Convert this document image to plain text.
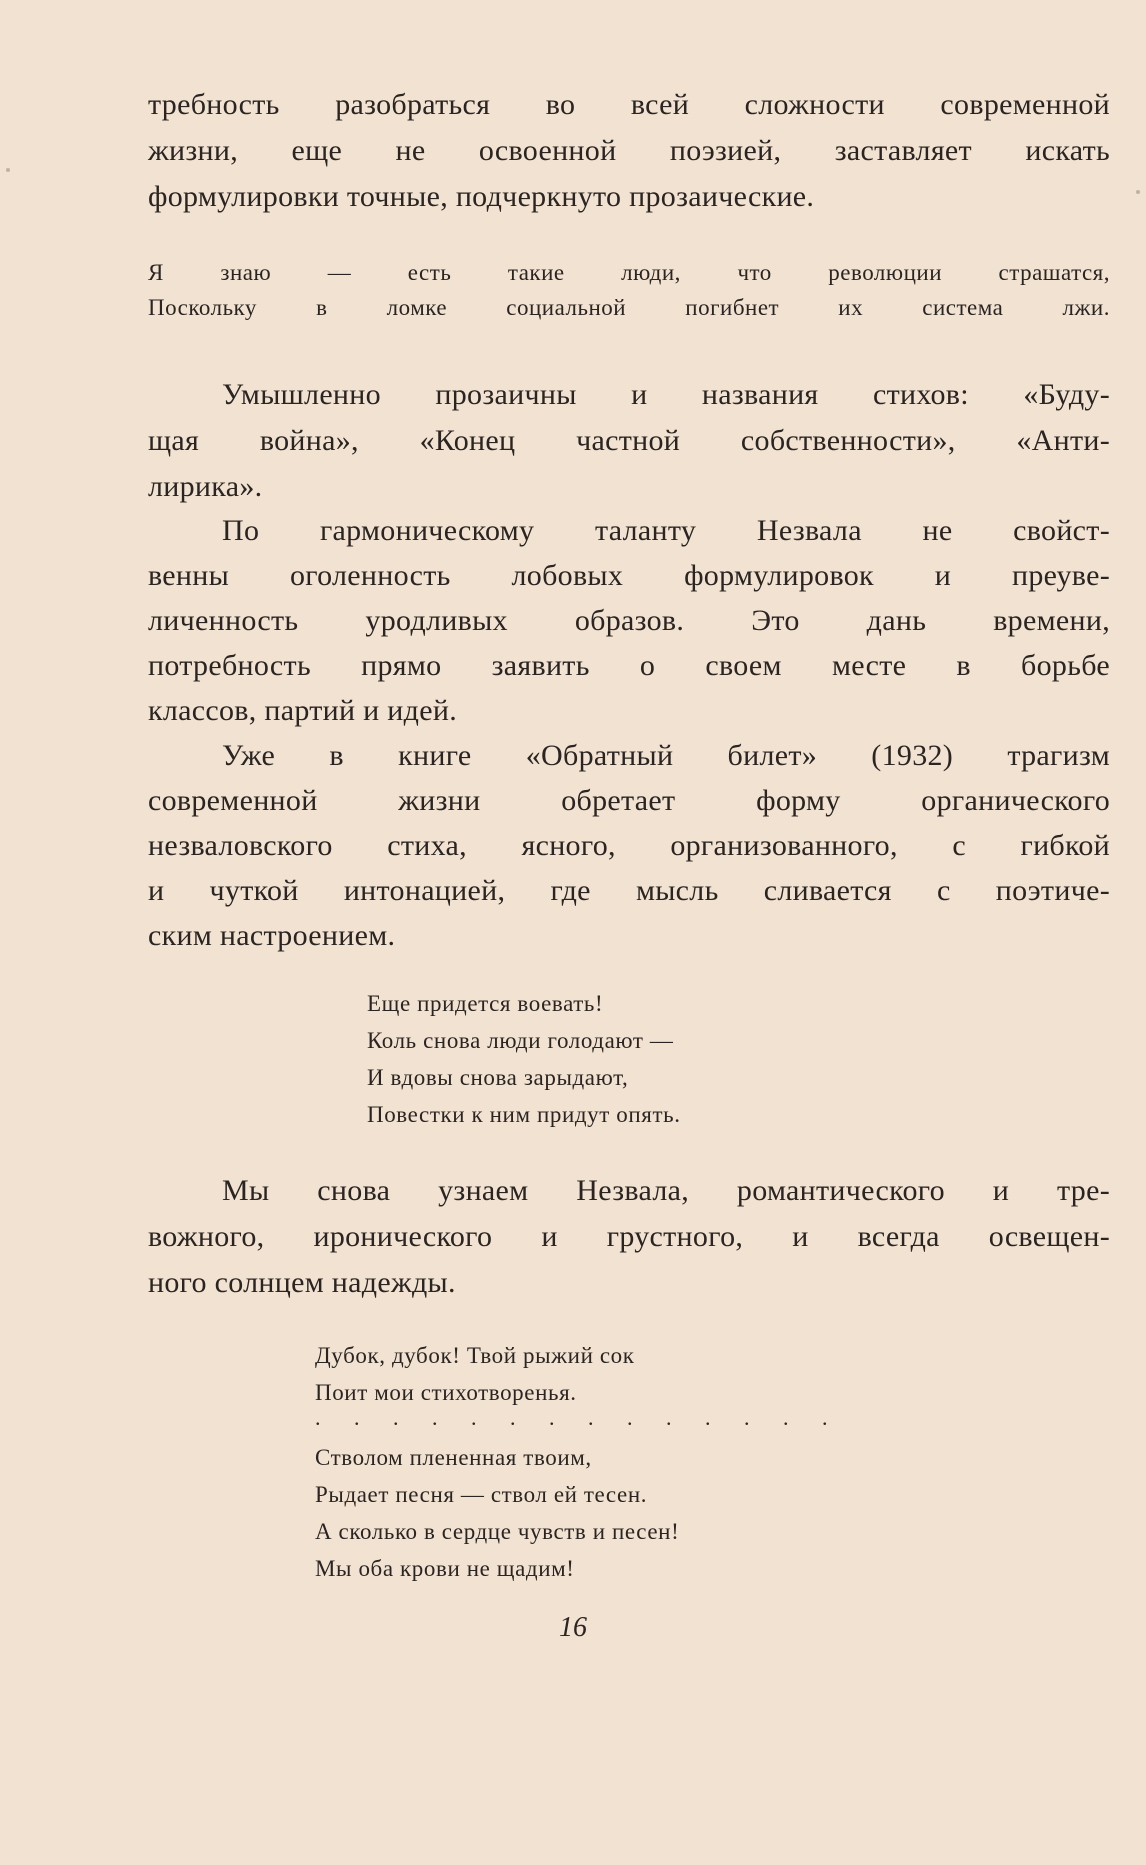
требность разобраться во всей сложности современной
жизни, еще не освоенной поэзией, заставляет искать
формулировки точные, подчеркнуто прозаические.
Я знаю — есть такие люди, что революции страшатся,
Поскольку в ломке социальной погибнет их система лжи.
Умышленно прозаичны и названия стихов: «Буду-
щая война», «Конец частной собственности», «Анти-
лирика».
По гармоническому таланту Незвала не свойст-
венны оголенность лобовых формулировок и преуве-
личенность уродливых образов. Это дань времени,
потребность прямо заявить о своем месте в борьбе
классов, партий и идей.
Уже в книге «Обратный билет» (1932) трагизм
современной жизни обретает форму органического
незваловского стиха, ясного, организованного, с гибкой
и чуткой интонацией, где мысль сливается с поэтиче-
ским настроением.
Еще придется воевать!
Коль снова люди голодают —
И вдовы снова зарыдают,
Повестки к ним придут опять.
Мы снова узнаем Незвала, романтического и тре-
вожного, иронического и грустного, и всегда освещен-
ного солнцем надежды.
Дубок, дубок! Твой рыжий сок
Поит мои стихотворенья.
. . . . . . . . . . . . . .
Стволом плененная твоим,
Рыдает песня — ствол ей тесен.
А сколько в сердце чувств и песен!
Мы оба крови не щадим!
16
